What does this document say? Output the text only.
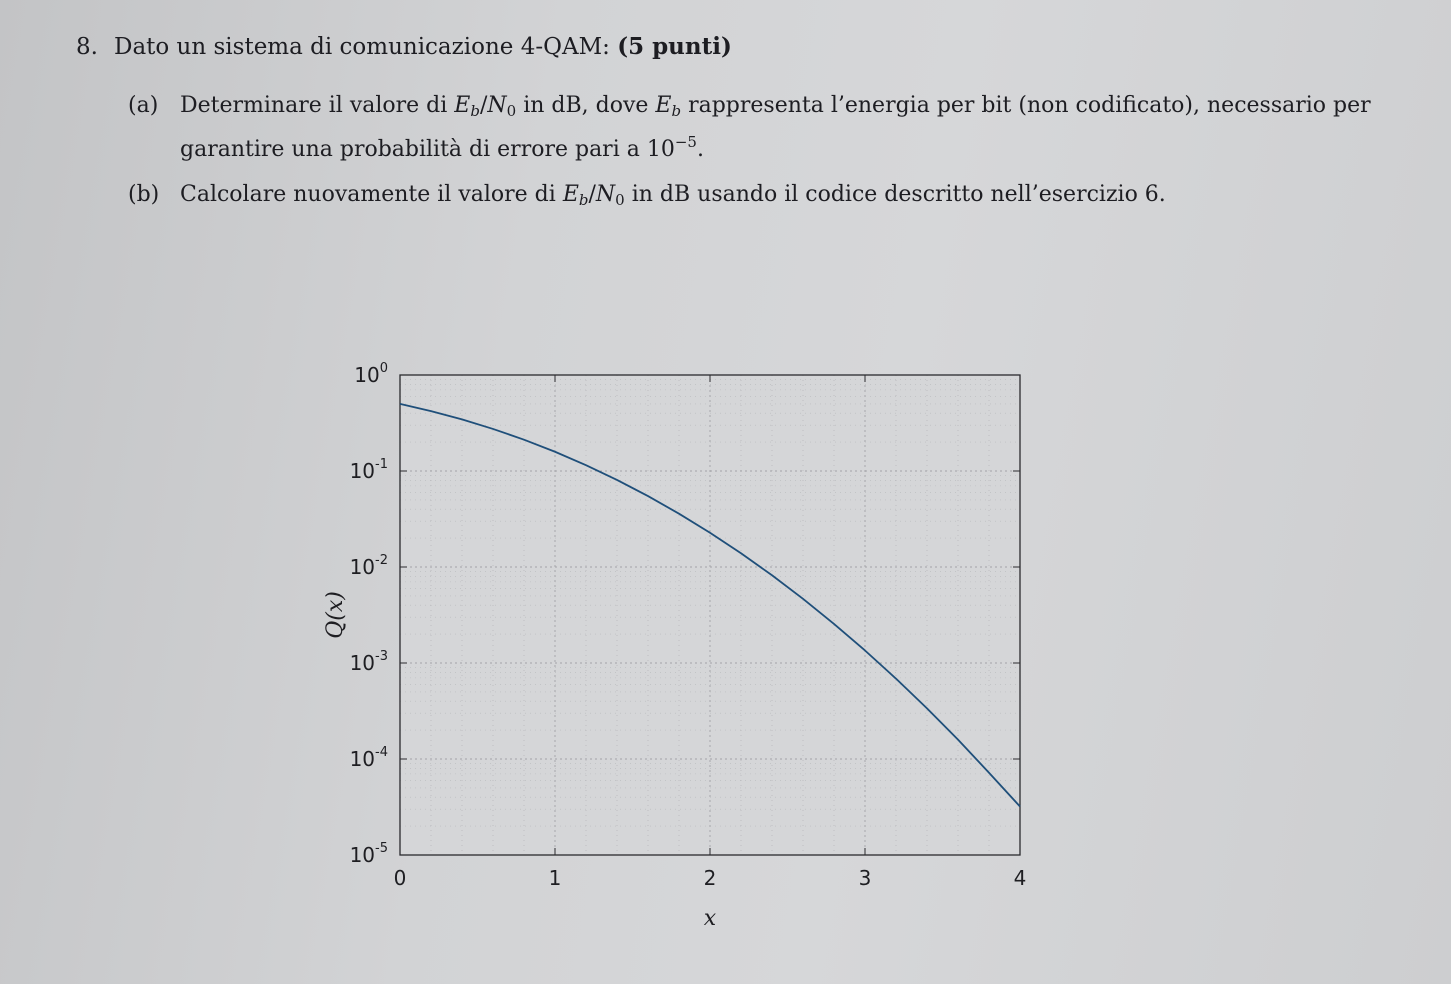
8. Dato un sistema di comunicazione 4-QAM: (5 punti)
(a) Determinare il valore di $E_b/N0$ in dB, dove $E_b$ rappresenta l’energia per bit (non codificato), necessario per garantire una probabilità di errore pari a $10^{-5}$.
(b) Calcolare nuovamente il valore di $E_b/N0$ in dB usando il codice descritto nell’esercizio 6.
0	1	2	3	4
$10^0$
$10^{-1}$
$10^{-2}$
$10^{-3}$
$10^{-4}$
$10^{-5}$
x
Q(x)
